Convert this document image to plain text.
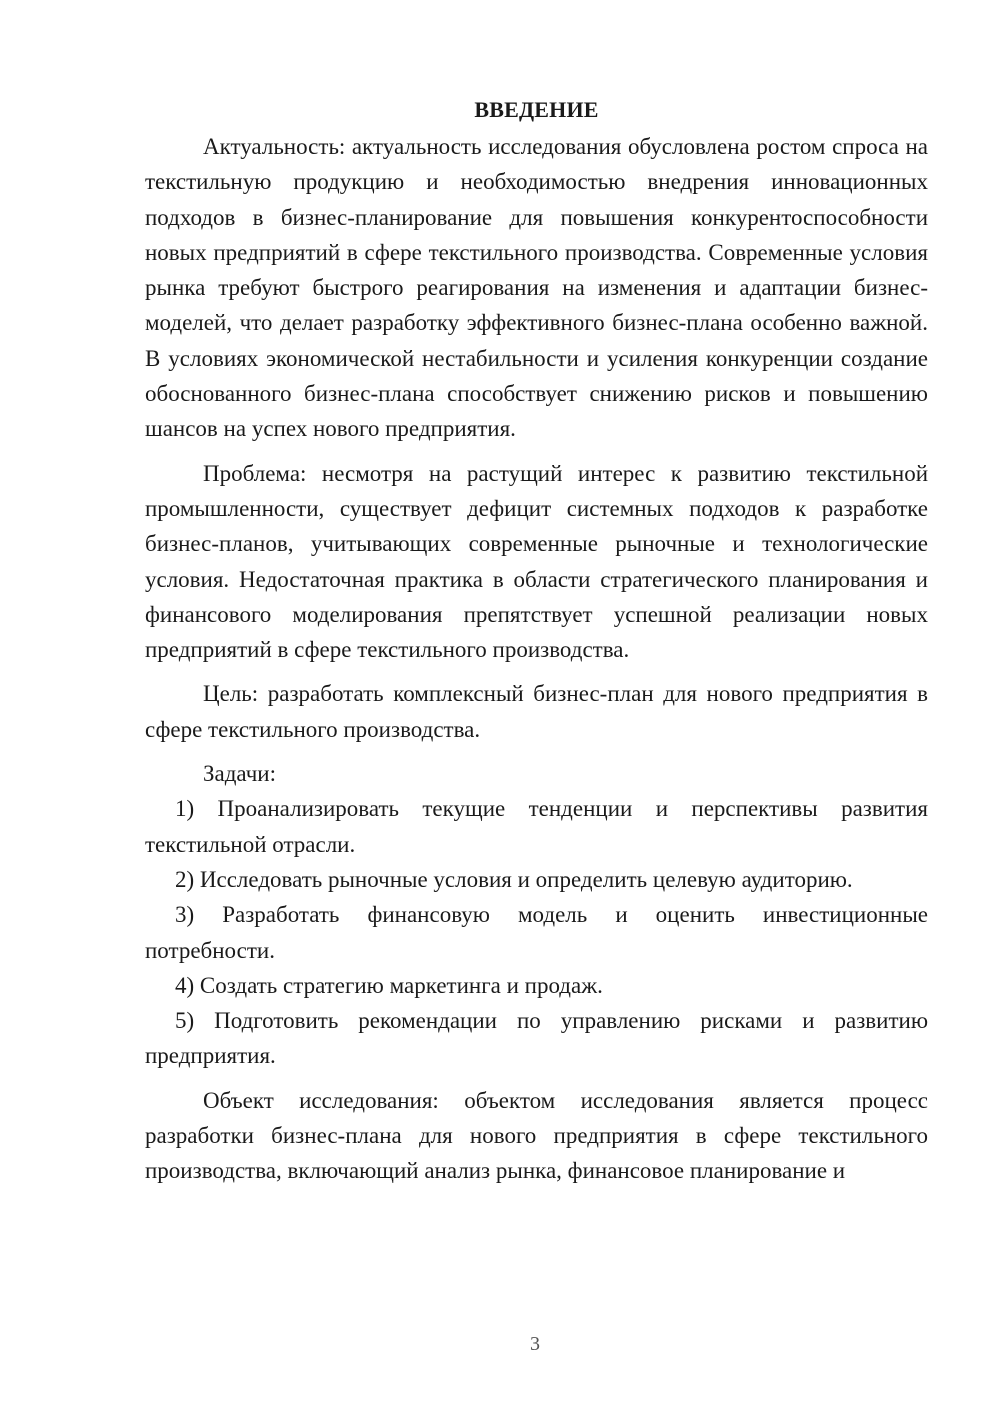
ВВЕДЕНИЕ

Актуальность: актуальность исследования обусловлена ростом спроса на текстильную продукцию и необходимостью внедрения инновационных подходов в бизнес-планирование для повышения конкурентоспособности новых предприятий в сфере текстильного производства. Современные условия рынка требуют быстрого реагирования на изменения и адаптации бизнес-моделей, что делает разработку эффективного бизнес-плана особенно важной. В условиях экономической нестабильности и усиления конкуренции создание обоснованного бизнес-плана способствует снижению рисков и повышению шансов на успех нового предприятия.

Проблема: несмотря на растущий интерес к развитию текстильной промышленности, существует дефицит системных подходов к разработке бизнес-планов, учитывающих современные рыночные и технологические условия. Недостаточная практика в области стратегического планирования и финансового моделирования препятствует успешной реализации новых предприятий в сфере текстильного производства.

Цель: разработать комплексный бизнес-план для нового предприятия в сфере текстильного производства.

Задачи:

1) Проанализировать текущие тенденции и перспективы развития текстильной отрасли.

2) Исследовать рыночные условия и определить целевую аудиторию.

3) Разработать финансовую модель и оценить инвестиционные потребности.

4) Создать стратегию маркетинга и продаж.

5) Подготовить рекомендации по управлению рисками и развитию предприятия.

Объект исследования: объектом исследования является процесс разработки бизнес-плана для нового предприятия в сфере текстильного производства, включающий анализ рынка, финансовое планирование и

3
